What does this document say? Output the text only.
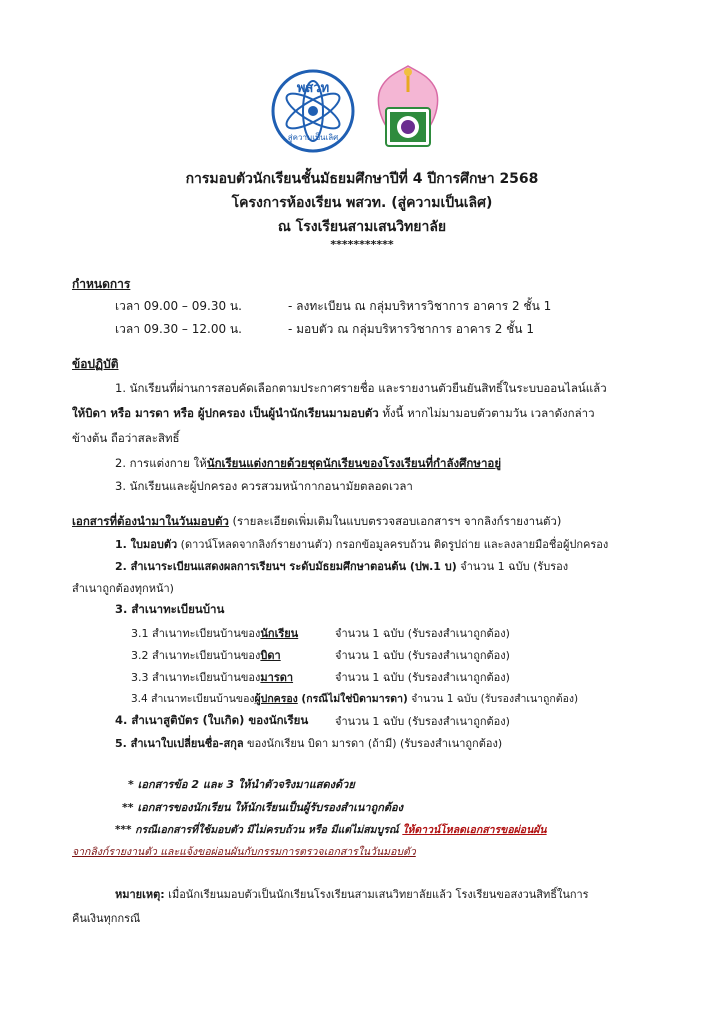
พสวท
สู่ความเป็นเลิศ
การมอบตัวนักเรียนชั้นมัธยมศึกษาปีที่ 4 ปีการศึกษา 2568
โครงการห้องเรียน พสวท. (สู่ความเป็นเลิศ)
ณ โรงเรียนสามเสนวิทยาลัย
***********
กำหนดการ
เวลา 09.00 – 09.30 น.	- ลงทะเบียน ณ กลุ่มบริหารวิชาการ อาคาร 2 ชั้น 1
เวลา 09.30 – 12.00 น.	- มอบตัว ณ กลุ่มบริหารวิชาการ อาคาร 2 ชั้น 1
ข้อปฏิบัติ
1. นักเรียนที่ผ่านการสอบคัดเลือกตามประกาศรายชื่อ และรายงานตัวยืนยันสิทธิ์ในระบบออนไลน์แล้ว
ให้บิดา หรือ มารดา หรือ ผู้ปกครอง เป็นผู้นำนักเรียนมามอบตัว ทั้งนี้ หากไม่มามอบตัวตามวัน เวลาดังกล่าว
ข้างต้น ถือว่าสละสิทธิ์
2. การแต่งกาย ให้นักเรียนแต่งกายด้วยชุดนักเรียนของโรงเรียนที่กำลังศึกษาอยู่
3. นักเรียนและผู้ปกครอง ควรสวมหน้ากากอนามัยตลอดเวลา
เอกสารที่ต้องนำมาในวันมอบตัว (รายละเอียดเพิ่มเติมในแบบตรวจสอบเอกสารฯ จากลิงก์รายงานตัว)
1. ใบมอบตัว (ดาวน์โหลดจากลิงก์รายงานตัว) กรอกข้อมูลครบถ้วน ติดรูปถ่าย และลงลายมือชื่อผู้ปกครอง
2. สำเนาระเบียนแสดงผลการเรียนฯ ระดับมัธยมศึกษาตอนต้น (ปพ.1 บ) จำนวน 1 ฉบับ (รับรอง
สำเนาถูกต้องทุกหน้า)
3. สำเนาทะเบียนบ้าน
3.1 สำเนาทะเบียนบ้านของนักเรียน	จำนวน 1 ฉบับ (รับรองสำเนาถูกต้อง)
3.2 สำเนาทะเบียนบ้านของบิดา	จำนวน 1 ฉบับ (รับรองสำเนาถูกต้อง)
3.3 สำเนาทะเบียนบ้านของมารดา	จำนวน 1 ฉบับ (รับรองสำเนาถูกต้อง)
3.4 สำเนาทะเบียนบ้านของผู้ปกครอง (กรณีไม่ใช่บิดามารดา) จำนวน 1 ฉบับ (รับรองสำเนาถูกต้อง)
4. สำเนาสูติบัตร (ใบเกิด) ของนักเรียน จำนวน 1 ฉบับ (รับรองสำเนาถูกต้อง)
5. สำเนาใบเปลี่ยนชื่อ-สกุล ของนักเรียน บิดา มารดา (ถ้ามี) (รับรองสำเนาถูกต้อง)
* เอกสารข้อ 2 และ 3 ให้นำตัวจริงมาแสดงด้วย
** เอกสารของนักเรียน ให้นักเรียนเป็นผู้รับรองสำเนาถูกต้อง
*** กรณีเอกสารที่ใช้มอบตัว มีไม่ครบถ้วน หรือ มีแต่ไม่สมบูรณ์ ให้ดาวน์โหลดเอกสารขอผ่อนผัน
จากลิงก์รายงานตัว และแจ้งขอผ่อนผันกับกรรมการตรวจเอกสารในวันมอบตัว
หมายเหตุ: เมื่อนักเรียนมอบตัวเป็นนักเรียนโรงเรียนสามเสนวิทยาลัยแล้ว โรงเรียนขอสงวนสิทธิ์ในการ
คืนเงินทุกกรณี
